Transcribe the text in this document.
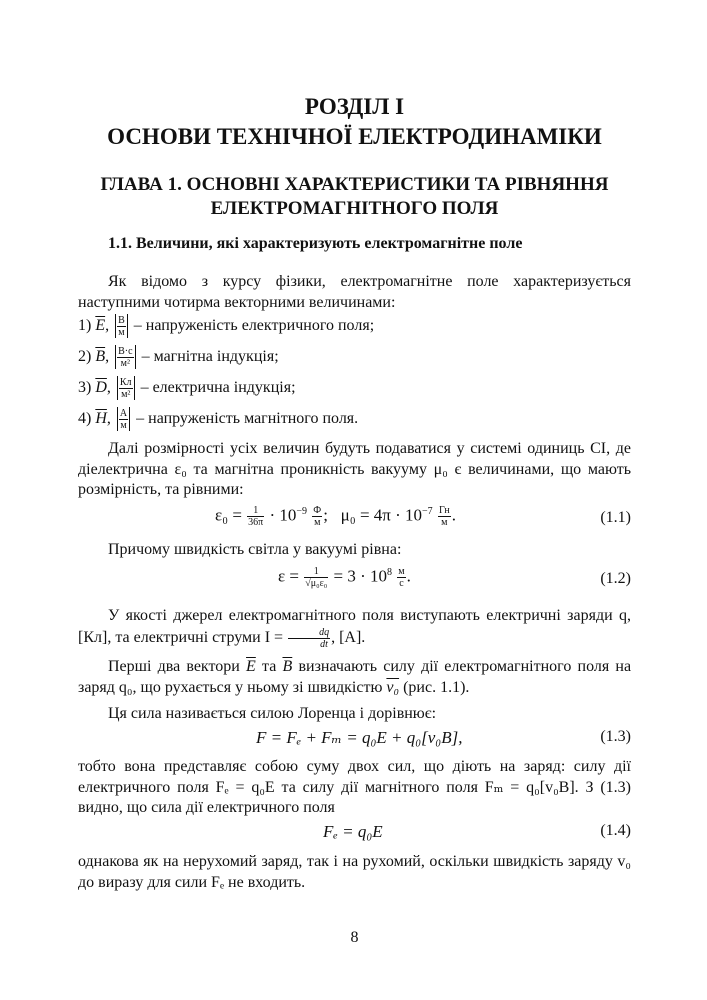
РОЗДІЛ І
ОСНОВИ ТЕХНІЧНОЇ ЕЛЕКТРОДИНАМІКИ
ГЛАВА 1. ОСНОВНІ ХАРАКТЕРИСТИКИ ТА РІВНЯННЯ
ЕЛЕКТРОМАГНІТНОГО ПОЛЯ
1.1. Величини, які характеризують електромагнітне поле
Як відомо з курсу фізики, електромагнітне поле характеризується наступними чотирма векторними величинами:
1) $\overline{E}$, $\frac{В}{м}$ – напруженість електричного поля;
2) $\overline{B}$, $\frac{В\cdot с}{\text{м²}}$ – магнітна індукція;
3) $\overline{D}$, $\frac{Кл}{\text{м²}}$ – електрична індукція;
4) $\overline{H}$, $\frac{А}{м}$ – напруженість магнітного поля.
Далі розмірності усіх величин будуть подаватися у системі одиниць СІ, де діелектрична ε₀ та магнітна проникність вакууму μ₀ є величинами, що мають розмірність, та рівними:
$\varepsilon_0 = \frac{1}{36\pi} \cdot 10^{-9} \frac{Ф}{м}$ ; $\mu_0 = 4\pi \cdot 10^{-7} \frac{Гн}{м}$ .	(1.1)
Причому швидкість світла у вакуумі рівна:
$\varepsilon = \frac{1}{\text{√μ₀ε₀}} = 3 \cdot 10^8 \frac{м}{с}$ .	(1.2)
У якості джерел електромагнітного поля виступають електричні заряди q, [Кл], та електричні струми $I = \frac{dq}{dt}$ , [А].
Перші два вектори $\overline{E}$ та $\overline{B}$ визначають силу дії електромагнітного поля на заряд q₀, що рухається у ньому зі швидкістю v₀ (рис. 1.1).
Ця сила називається силою Лоренца і дорівнює:
F = Fₑ + Fₘ = q₀E + q₀[v₀B],	(1.3)
тобто вона представляє собою суму двох сил, що діють на заряд: силу дії електричного поля Fₑ = q₀E та силу дії магнітного поля Fₘ = q₀[v₀B]. З (1.3) видно, що сила дії електричного поля
Fₑ = q₀E	(1.4)
однакова як на нерухомий заряд, так і на рухомий, оскільки швидкість заряду v₀ до виразу для сили Fₑ не входить.
8
